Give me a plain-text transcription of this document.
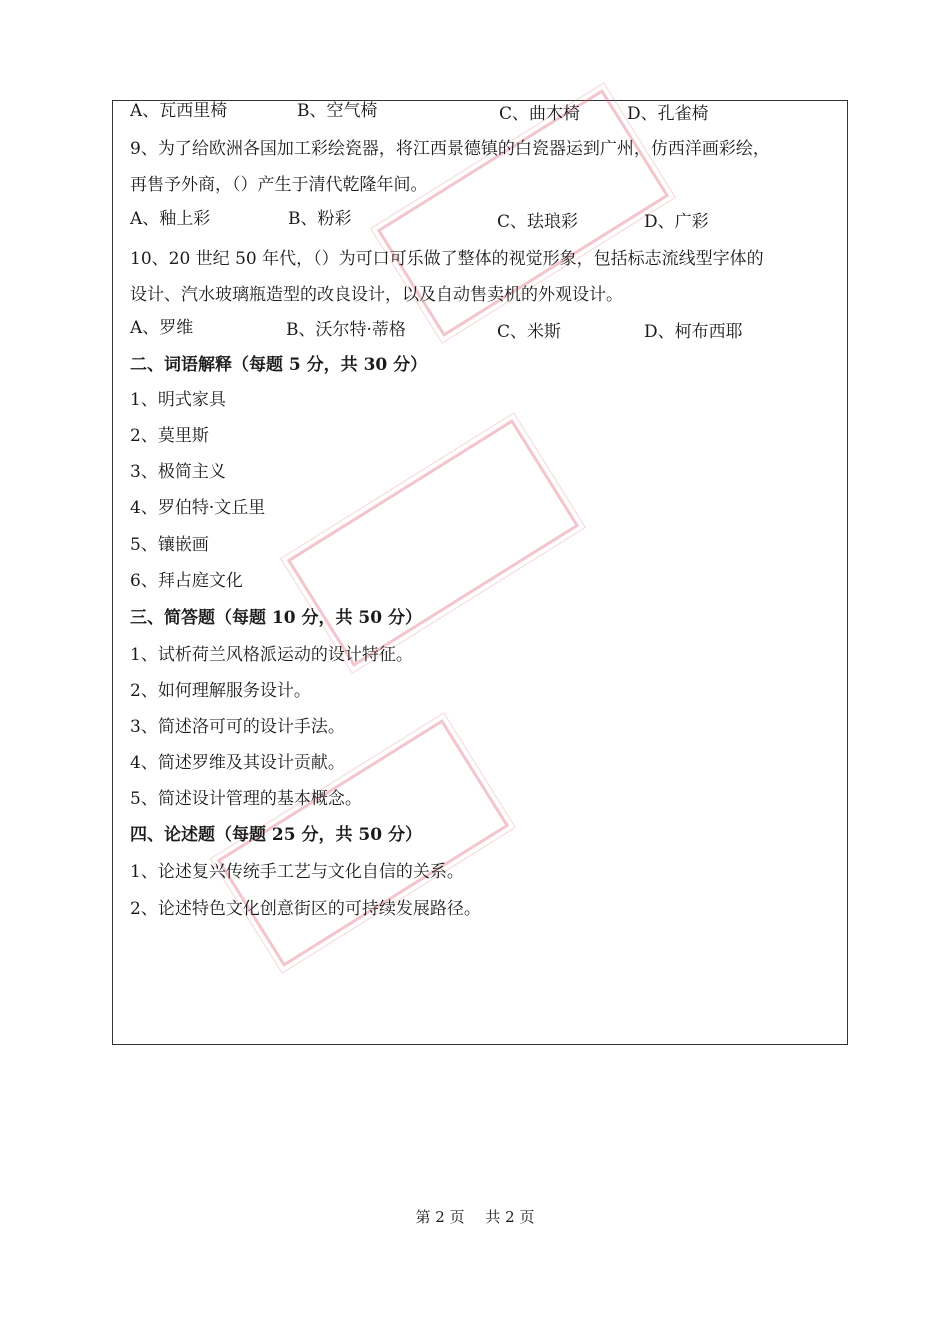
A、瓦西里椅	B、空气椅	C、曲木椅	D、孔雀椅
9、为了给欧洲各国加工彩绘瓷器，将江西景德镇的白瓷器运到广州，仿西洋画彩绘，
再售予外商，（）产生于清代乾隆年间。
A、釉上彩	B、粉彩	C、珐琅彩	D、广彩
10、20 世纪 50 年代，（）为可口可乐做了整体的视觉形象，包括标志流线型字体的
设计、汽水玻璃瓶造型的改良设计，以及自动售卖机的外观设计。
A、罗维	B、沃尔特·蒂格	C、米斯	D、柯布西耶
二、词语解释（每题 5 分，共 30 分）
1、明式家具
2、莫里斯
3、极简主义
4、罗伯特·文丘里
5、镶嵌画
6、拜占庭文化
三、简答题（每题 10 分，共 50 分）
1、试析荷兰风格派运动的设计特征。
2、如何理解服务设计。
3、简述洛可可的设计手法。
4、简述罗维及其设计贡献。
5、简述设计管理的基本概念。
四、论述题（每题 25 分，共 50 分）
1、论述复兴传统手工艺与文化自信的关系。
2、论述特色文化创意街区的可持续发展路径。
第 2 页 共 2 页
